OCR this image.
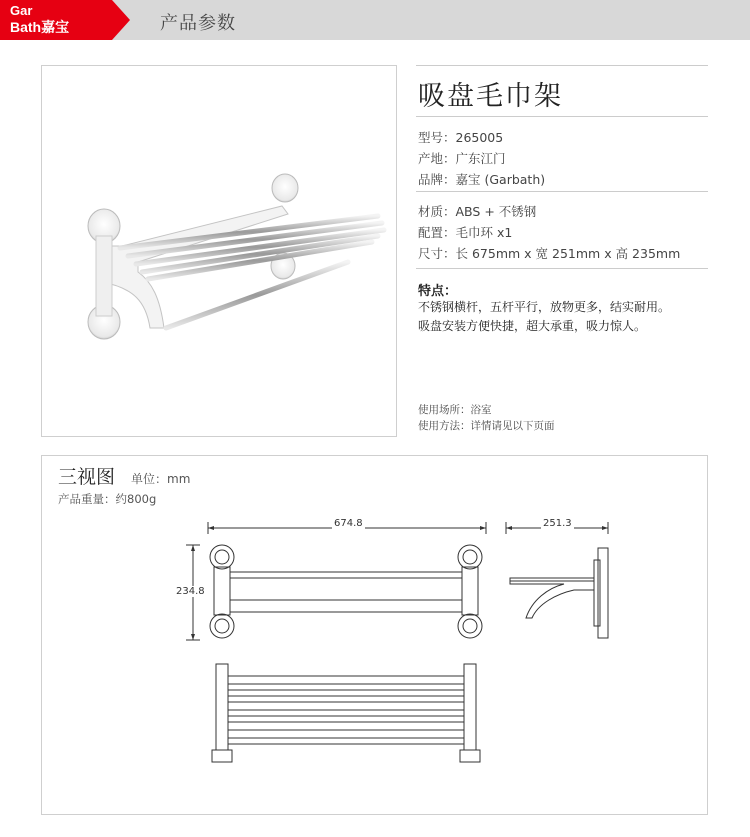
Gar
Bath嘉宝	产品参数
吸盘毛巾架
型号：265005
产地：广东江门
品牌：嘉宝 (Garbath)
材质：ABS + 不锈钢
配置：毛巾环 x1
尺寸：长 675mm x 宽 251mm x 高 235mm
特点：
不锈钢横杆，五杆平行，放物更多，结实耐用。
吸盘安装方便快捷，超大承重，吸力惊人。
使用场所：浴室
使用方法：详情请见以下页面
三视图 单位：mm
产品重量：约800g
674.8	251.3
234.8
